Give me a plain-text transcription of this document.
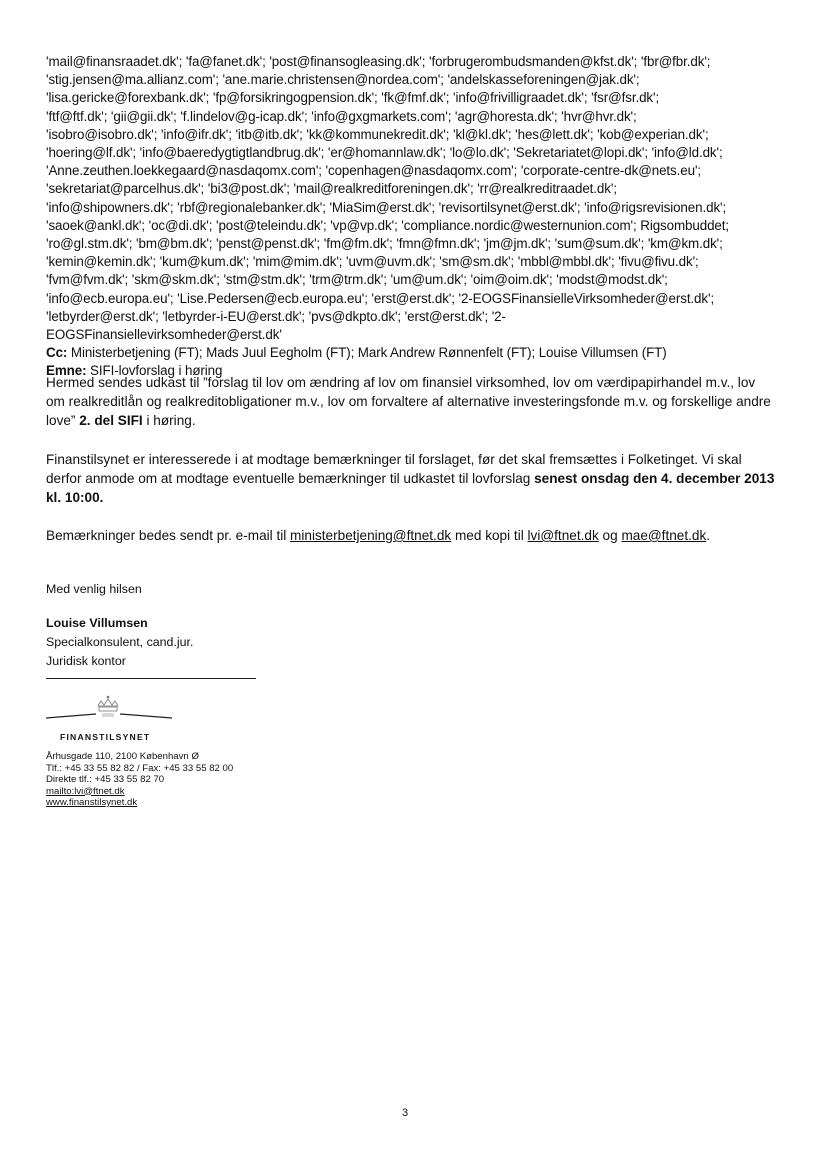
'mail@finansraadet.dk'; 'fa@fanet.dk'; 'post@finansogleasing.dk'; 'forbrugerombudsmanden@kfst.dk'; 'fbr@fbr.dk';
'stig.jensen@ma.allianz.com'; 'ane.marie.christensen@nordea.com'; 'andelskasseforeningen@jak.dk';
'lisa.gericke@forexbank.dk'; 'fp@forsikringogpension.dk'; 'fk@fmf.dk'; 'info@frivilligraadet.dk'; 'fsr@fsr.dk';
'ftf@ftf.dk'; 'gii@gii.dk'; 'f.lindelov@g-icap.dk'; 'info@gxgmarkets.com'; 'agr@horesta.dk'; 'hvr@hvr.dk';
'isobro@isobro.dk'; 'info@ifr.dk'; 'itb@itb.dk'; 'kk@kommunekredit.dk'; 'kl@kl.dk'; 'hes@lett.dk'; 'kob@experian.dk';
'hoering@lf.dk'; 'info@baeredygtigtlandbrug.dk'; 'er@homannlaw.dk'; 'lo@lo.dk'; 'Sekretariatet@lopi.dk'; 'info@ld.dk';
'Anne.zeuthen.loekkegaard@nasdaqomx.com'; 'copenhagen@nasdaqomx.com'; 'corporate-centre-dk@nets.eu';
'sekretariat@parcelhus.dk'; 'bi3@post.dk'; 'mail@realkreditforeningen.dk'; 'rr@realkreditraadet.dk';
'info@shipowners.dk'; 'rbf@regionalebanker.dk'; 'MiaSim@erst.dk'; 'revisortilsynet@erst.dk'; 'info@rigsrevisionen.dk';
'saoek@ankl.dk'; 'oc@di.dk'; 'post@teleindu.dk'; 'vp@vp.dk'; 'compliance.nordic@westernunion.com'; Rigsombuddet;
'ro@gl.stm.dk'; 'bm@bm.dk'; 'penst@penst.dk'; 'fm@fm.dk'; 'fmn@fmn.dk'; 'jm@jm.dk'; 'sum@sum.dk'; 'km@km.dk';
'kemin@kemin.dk'; 'kum@kum.dk'; 'mim@mim.dk'; 'uvm@uvm.dk'; 'sm@sm.dk'; 'mbbl@mbbl.dk'; 'fivu@fivu.dk';
'fvm@fvm.dk'; 'skm@skm.dk'; 'stm@stm.dk'; 'trm@trm.dk'; 'um@um.dk'; 'oim@oim.dk'; 'modst@modst.dk';
'info@ecb.europa.eu'; 'Lise.Pedersen@ecb.europa.eu'; 'erst@erst.dk'; '2-EOGSFinansielleVirksomheder@erst.dk';
'letbyrder@erst.dk'; 'letbyrder-i-EU@erst.dk'; 'pvs@dkpto.dk'; 'erst@erst.dk'; '2-
EOGSFinansiellevirksomheder@erst.dk'
Cc: Ministerbetjening (FT); Mads Juul Eegholm (FT); Mark Andrew Rønnenfelt (FT); Louise Villumsen (FT)
Emne: SIFI-lovforslag i høring
Hermed sendes udkast til ”forslag til lov om ændring af lov om finansiel virksomhed, lov om værdipapirhandel m.v., lov om realkreditlån og realkreditobligationer m.v., lov om forvaltere af alternative investeringsfonde m.v. og forskellige andre love” 2. del SIFI i høring.
Finanstilsynet er interesserede i at modtage bemærkninger til forslaget, før det skal fremsættes i Folketinget. Vi skal derfor anmode om at modtage eventuelle bemærkninger til udkastet til lovforslag senest onsdag den 4. december 2013 kl. 10:00.
Bemærkninger bedes sendt pr. e-mail til ministerbetjening@ftnet.dk med kopi til lvi@ftnet.dk og mae@ftnet.dk.
Med venlig hilsen
Louise Villumsen
Specialkonsulent, cand.jur.
Juridisk kontor
FINANSTILSYNET
Århusgade 110, 2100 København Ø
Tlf.: +45 33 55 82 82 / Fax: +45 33 55 82 00
Direkte tlf.: +45 33 55 82 70
mailto:lvi@ftnet.dk
www.finanstilsynet.dk
3
